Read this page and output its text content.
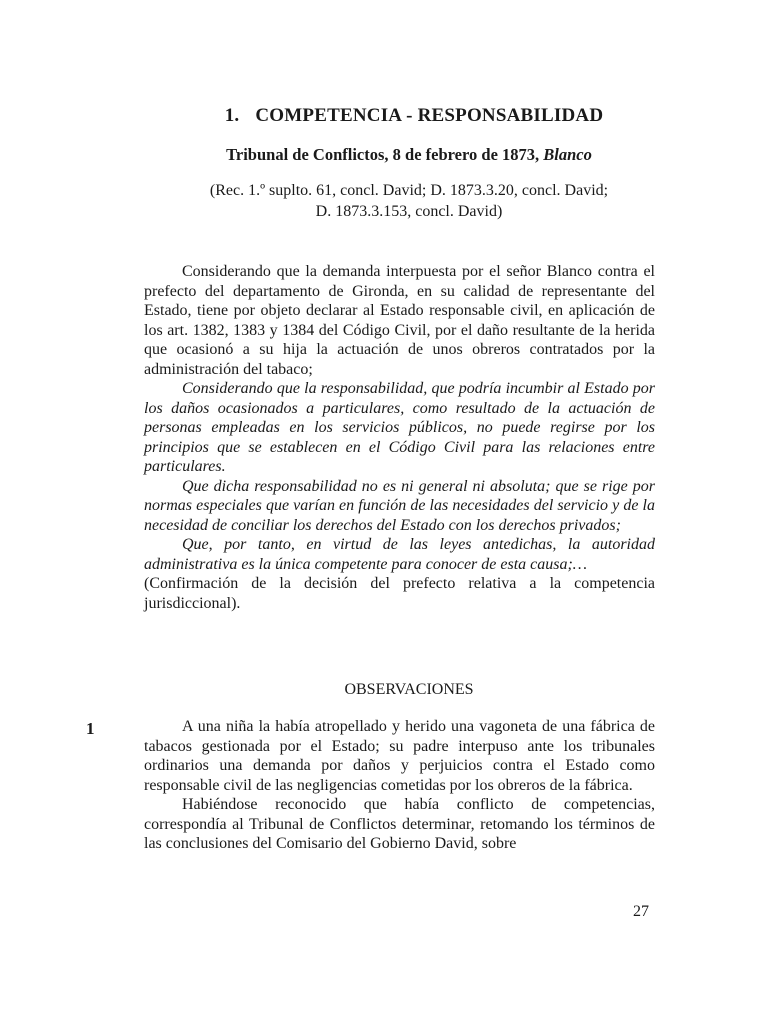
1. COMPETENCIA - RESPONSABILIDAD
Tribunal de Conflictos, 8 de febrero de 1873, Blanco
(Rec. 1.º suplto. 61, concl. David; D. 1873.3.20, concl. David;
D. 1873.3.153, concl. David)

Considerando que la demanda interpuesta por el señor Blanco contra el prefecto del departamento de Gironda, en su calidad de representante del Estado, tiene por objeto declarar al Estado responsable civil, en aplicación de los art. 1382, 1383 y 1384 del Código Civil, por el daño resultante de la herida que ocasionó a su hija la actuación de unos obreros contratados por la administración del tabaco;

Considerando que la responsabilidad, que podría incumbir al Estado por los daños ocasionados a particulares, como resultado de la actuación de personas empleadas en los servicios públicos, no puede regirse por los principios que se establecen en el Código Civil para las relaciones entre particulares.

Que dicha responsabilidad no es ni general ni absoluta; que se rige por normas especiales que varían en función de las necesidades del servicio y de la necesidad de conciliar los derechos del Estado con los derechos privados;

Que, por tanto, en virtud de las leyes antedichas, la autoridad administrativa es la única competente para conocer de esta causa;…

(Confirmación de la decisión del prefecto relativa a la competencia jurisdiccional).

OBSERVACIONES
1	A una niña la había atropellado y herido una vagoneta de una fábrica de tabacos gestionada por el Estado; su padre interpuso ante los tribunales ordinarios una demanda por daños y perjuicios contra el Estado como responsable civil de las negligencias cometidas por los obreros de la fábrica.

Habiéndose reconocido que había conflicto de competencias, correspondía al Tribunal de Conflictos determinar, retomando los términos de las conclusiones del Comisario del Gobierno David, sobre

27
